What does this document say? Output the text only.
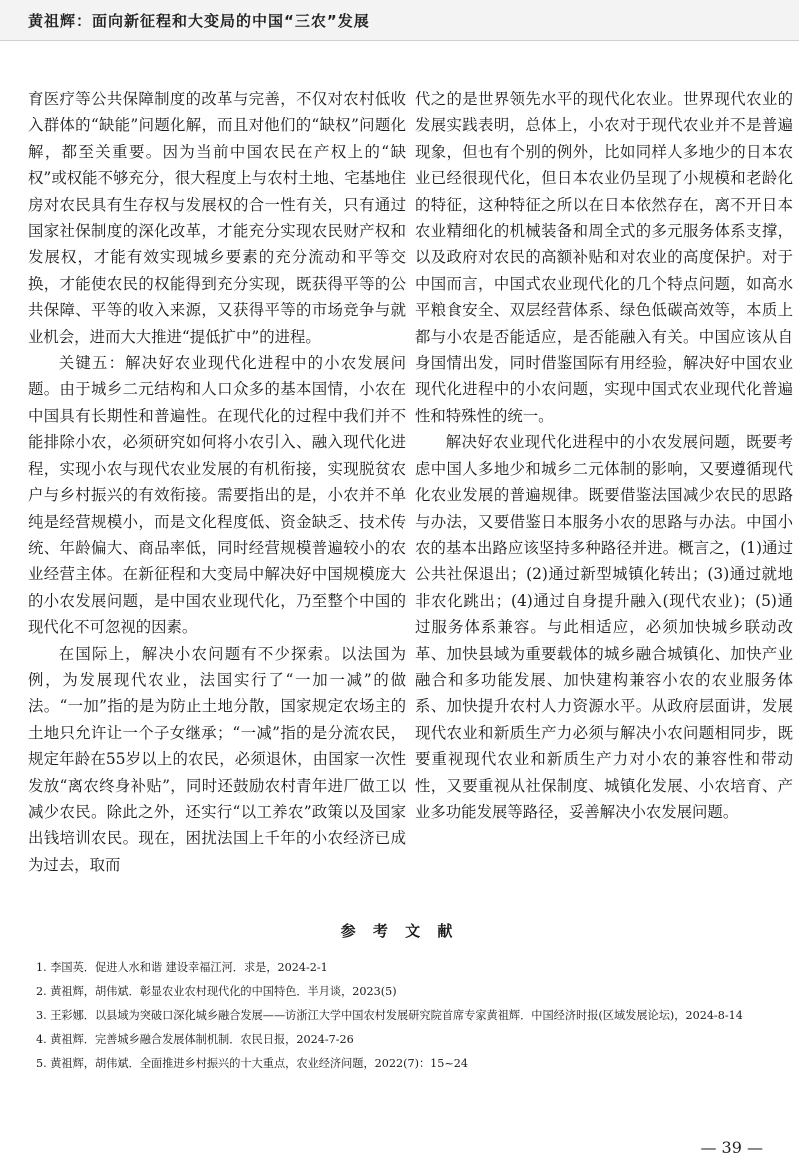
黄祖辉：面向新征程和大变局的中国“三农”发展

育医疗等公共保障制度的改革与完善，不仅对农村低收入群体的“缺能”问题化解，而且对他们的“缺权”问题化解，都至关重要。因为当前中国农民在产权上的“缺权”或权能不够充分，很大程度上与农村土地、宅基地住房对农民具有生存权与发展权的合一性有关，只有通过国家社保制度的深化改革，才能充分实现农民财产权和发展权，才能有效实现城乡要素的充分流动和平等交换，才能使农民的权能得到充分实现，既获得平等的公共保障、平等的收入来源，又获得平等的市场竞争与就业机会，进而大大推进“提低扩中”的进程。

关键五：解决好农业现代化进程中的小农发展问题。由于城乡二元结构和人口众多的基本国情，小农在中国具有长期性和普遍性。在现代化的过程中我们并不能排除小农，必须研究如何将小农引入、融入现代化进程，实现小农与现代农业发展的有机衔接，实现脱贫农户与乡村振兴的有效衔接。需要指出的是，小农并不单纯是经营规模小，而是文化程度低、资金缺乏、技术传统、年龄偏大、商品率低，同时经营规模普遍较小的农业经营主体。在新征程和大变局中解决好中国规模庞大的小农发展问题，是中国农业现代化，乃至整个中国的现代化不可忽视的因素。

在国际上，解决小农问题有不少探索。以法国为例，为发展现代农业，法国实行了“一加一减”的做法。“一加”指的是为防止土地分散，国家规定农场主的土地只允许让一个子女继承；“一减”指的是分流农民，规定年龄在55岁以上的农民，必须退休，由国家一次性发放“离农终身补贴”，同时还鼓励农村青年进厂做工以减少农民。除此之外，还实行“以工养农”政策以及国家出钱培训农民。现在，困扰法国上千年的小农经济已成为过去，取而

代之的是世界领先水平的现代化农业。世界现代农业的发展实践表明，总体上，小农对于现代农业并不是普遍现象，但也有个别的例外，比如同样人多地少的日本农业已经很现代化，但日本农业仍呈现了小规模和老龄化的特征，这种特征之所以在日本依然存在，离不开日本农业精细化的机械装备和周全式的多元服务体系支撑，以及政府对农民的高额补贴和对农业的高度保护。对于中国而言，中国式农业现代化的几个特点问题，如高水平粮食安全、双层经营体系、绿色低碳高效等，本质上都与小农是否能适应，是否能融入有关。中国应该从自身国情出发，同时借鉴国际有用经验，解决好中国农业现代化进程中的小农问题，实现中国式农业现代化普遍性和特殊性的统一。

解决好农业现代化进程中的小农发展问题，既要考虑中国人多地少和城乡二元体制的影响，又要遵循现代化农业发展的普遍规律。既要借鉴法国减少农民的思路与办法，又要借鉴日本服务小农的思路与办法。中国小农的基本出路应该坚持多种路径并进。概言之，(1)通过公共社保退出；(2)通过新型城镇化转出；(3)通过就地非农化跳出；(4)通过自身提升融入(现代农业)；(5)通过服务体系兼容。与此相适应，必须加快城乡联动改革、加快县域为重要载体的城乡融合城镇化、加快产业融合和多功能发展、加快建构兼容小农的农业服务体系、加快提升农村人力资源水平。从政府层面讲，发展现代农业和新质生产力必须与解决小农问题相同步，既要重视现代农业和新质生产力对小农的兼容性和带动性，又要重视从社保制度、城镇化发展、小农培育、产业多功能发展等路径，妥善解决小农发展问题。

参 考 文 献
1. 李国英．促进人水和谐 建设幸福江河．求是，2024-2-1
2. 黄祖辉，胡伟斌．彰显农业农村现代化的中国特色．半月谈，2023(5)
3. 王彩娜．以县域为突破口深化城乡融合发展——访浙江大学中国农村发展研究院首席专家黄祖辉．中国经济时报(区域发展论坛)，2024-8-14
4. 黄祖辉．完善城乡融合发展体制机制．农民日报，2024-7-26
5. 黄祖辉，胡伟斌．全面推进乡村振兴的十大重点，农业经济问题，2022(7)：15~24
— 39 —
